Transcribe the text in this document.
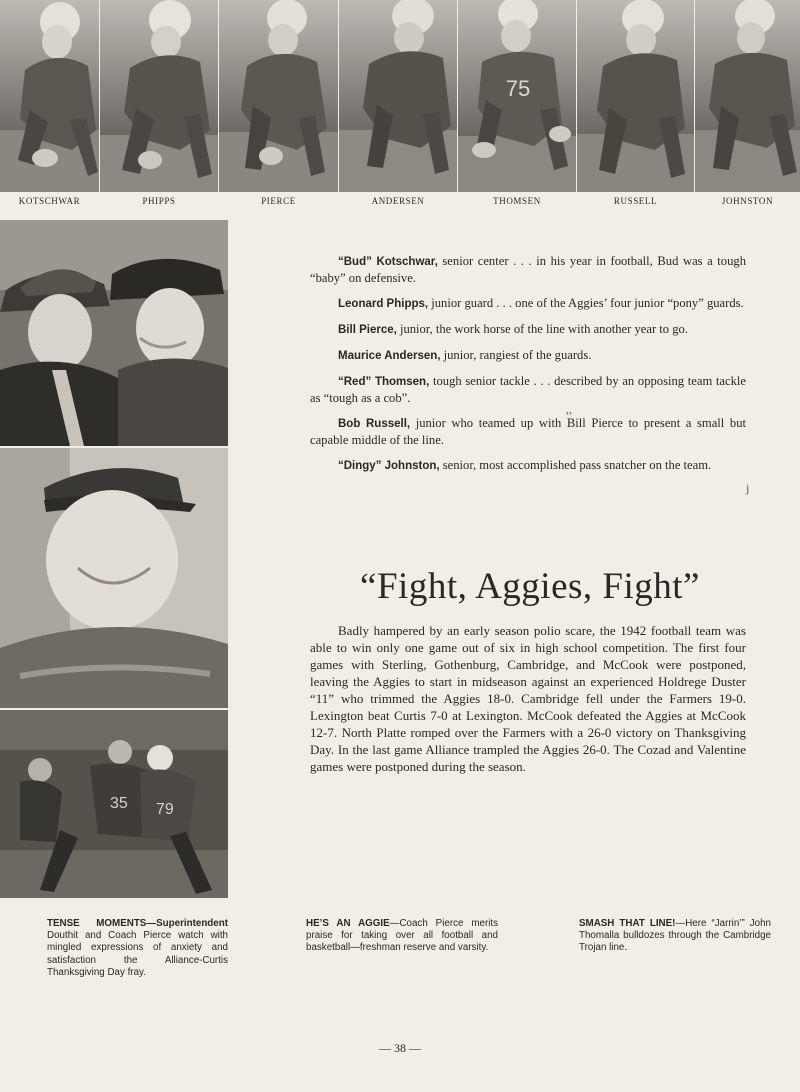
75
KOTSCHWAR	PHIPPS	PIERCE	ANDERSEN	THOMSEN	RUSSELL	JOHNSTON
35 79

“Bud” Kotschwar, senior center . . . in his year in football, Bud was a tough “baby” on defensive.

Leonard Phipps, junior guard . . . one of the Aggies’ four junior “pony” guards.

Bill Pierce, junior, the work horse of the line with another year to go.

Maurice Andersen, junior, rangiest of the guards.

“Red” Thomsen, tough senior tackle . . . described by an opposing team tackle as “tough as a cob”.

Bob Russell, junior who teamed up with Bill Pierce to present a small but capable middle of the line.

“Dingy” Johnston, senior, most accomplished pass snatcher on the team.

,,
j
“Fight, Aggies, Fight”

Badly hampered by an early season polio scare, the 1942 football team was able to win only one game out of six in high school competition. The first four games with Sterling, Gothenburg, Cambridge, and McCook were postponed, leaving the Aggies to start in midseason against an experienced Holdrege Duster “11” who trimmed the Aggies 18-0. Cambridge fell under the Farmers 19-0. Lexington beat Curtis 7-0 at Lexington. McCook defeated the Aggies at McCook 12-7. North Platte romped over the Farmers with a 26-0 victory on Thanksgiving Day. In the last game Alliance trampled the Aggies 26-0. The Cozad and Valentine games were postponed during the season.

TENSE MOMENTS—Superintendent Douthit and Coach Pierce watch with mingled expressions of anxiety and satisfaction the Alliance-Curtis Thanksgiving Day fray.
HE’S AN AGGIE—Coach Pierce merits praise for taking over all football and basketball—freshman reserve and varsity.
SMASH THAT LINE!—Here “Jarrin’” John Thomalla bulldozes through the Cambridge Trojan line.
— 38 —
